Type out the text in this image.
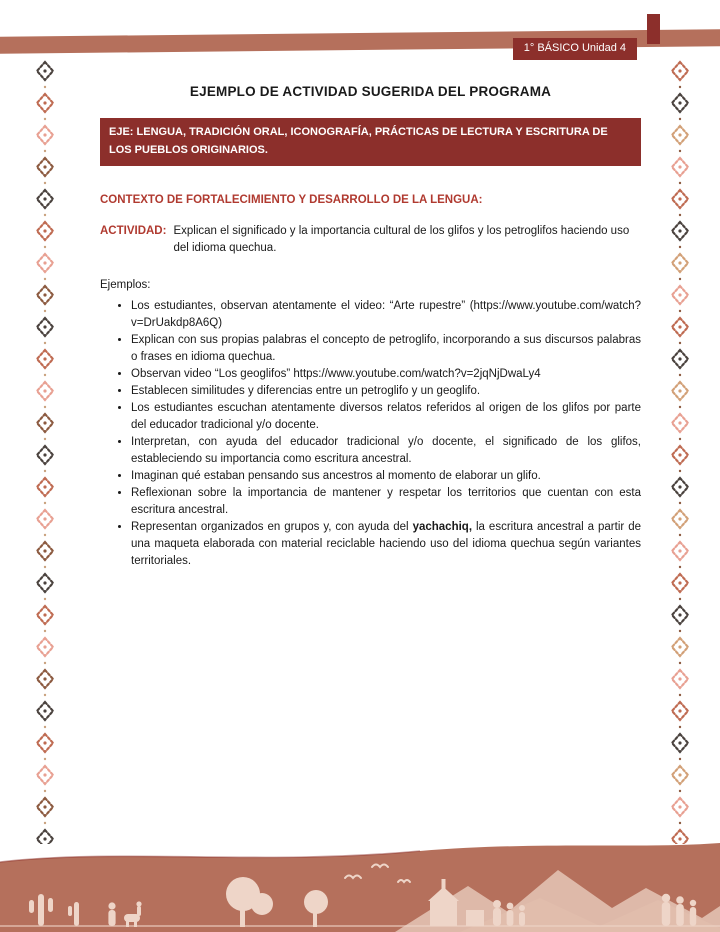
1° BÁSICO Unidad 4
EJEMPLO DE ACTIVIDAD SUGERIDA DEL PROGRAMA
EJE: LENGUA, TRADICIÓN ORAL, ICONOGRAFÍA, PRÁCTICAS DE LECTURA Y ESCRITURA DE LOS PUEBLOS ORIGINARIOS.
CONTEXTO DE FORTALECIMIENTO Y DESARROLLO DE LA LENGUA:

ACTIVIDAD: Explican el significado y la importancia cultural de los glifos y los petroglifos haciendo uso del idioma quechua.

Ejemplos:

• Los estudiantes, observan atentamente el video: “Arte rupestre” (https://www.youtube.com/watch?v=DrUakdp8A6Q)
• Explican con sus propias palabras el concepto de petroglifo, incorporando a sus discursos palabras o frases en idioma quechua.
• Observan video “Los geoglifos” https://www.youtube.com/watch?v=2jqNjDwaLy4
• Establecen similitudes y diferencias entre un petroglifo y un geoglifo.
• Los estudiantes escuchan atentamente diversos relatos referidos al origen de los glifos por parte del educador tradicional y/o docente.
• Interpretan, con ayuda del educador tradicional y/o docente, el significado de los glifos, estableciendo su importancia como escritura ancestral.
• Imaginan qué estaban pensando sus ancestros al momento de elaborar un glifo.
• Reflexionan sobre la importancia de mantener y respetar los territorios que cuentan con esta escritura ancestral.
• Representan organizados en grupos y, con ayuda del yachachiq, la escritura ancestral a partir de una maqueta elaborada con material reciclable haciendo uso del idioma quechua según variantes territoriales.
